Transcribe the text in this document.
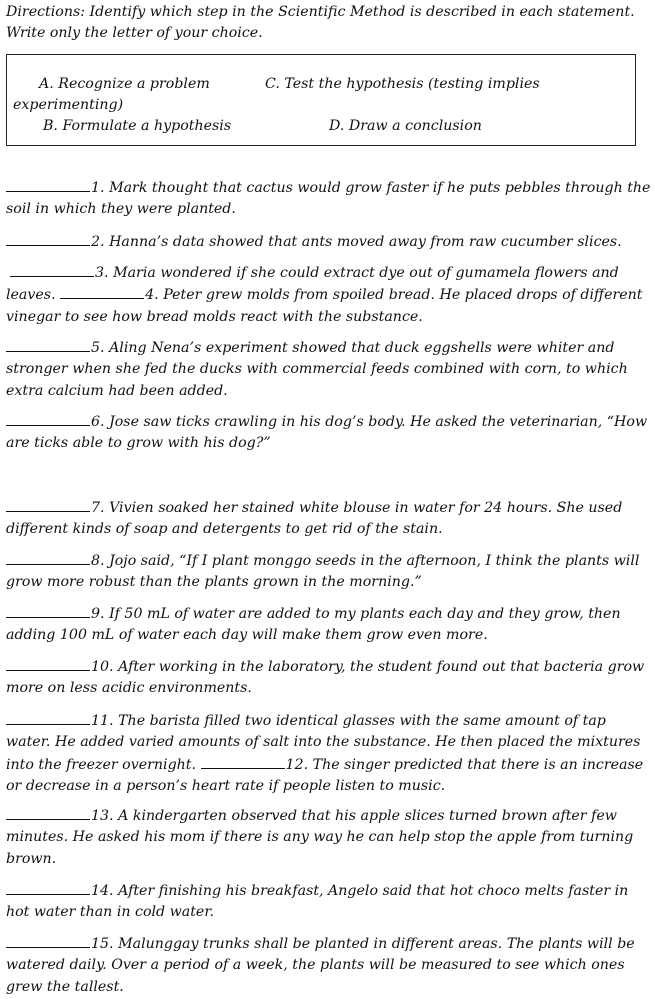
Directions: Identify which step in the Scientific Method is described in each statement. Write only the letter of your choice.

A. Recognize a problem	C. Test the hypothesis (testing implies
experimenting)
B. Formulate a hypothesis	D. Draw a conclusion

1. Mark thought that cactus would grow faster if he puts pebbles through the soil in which they were planted.

2. Hanna’s data showed that ants moved away from raw cucumber slices.

3. Maria wondered if she could extract dye out of gumamela flowers and leaves.	4. Peter grew molds from spoiled bread. He placed drops of different vinegar to see how bread molds react with the substance.

5. Aling Nena’s experiment showed that duck eggshells were whiter and stronger when she fed the ducks with commercial feeds combined with corn, to which extra calcium had been added.

6. Jose saw ticks crawling in his dog’s body. He asked the veterinarian, “How are ticks able to grow with his dog?”

7. Vivien soaked her stained white blouse in water for 24 hours. She used different kinds of soap and detergents to get rid of the stain.

8. Jojo said, “If I plant monggo seeds in the afternoon, I think the plants will grow more robust than the plants grown in the morning.”

9. If 50 mL of water are added to my plants each day and they grow, then adding 100 mL of water each day will make them grow even more.

10. After working in the laboratory, the student found out that bacteria grow more on less acidic environments.

11. The barista filled two identical glasses with the same amount of tap water. He added varied amounts of salt into the substance. He then placed the mixtures into the freezer overnight.	12. The singer predicted that there is an increase or decrease in a person’s heart rate if people listen to music.

13. A kindergarten observed that his apple slices turned brown after few minutes. He asked his mom if there is any way he can help stop the apple from turning brown.

14. After finishing his breakfast, Angelo said that hot choco melts faster in hot water than in cold water.

15. Malunggay trunks shall be planted in different areas. The plants will be watered daily. Over a period of a week, the plants will be measured to see which ones grew the tallest.
